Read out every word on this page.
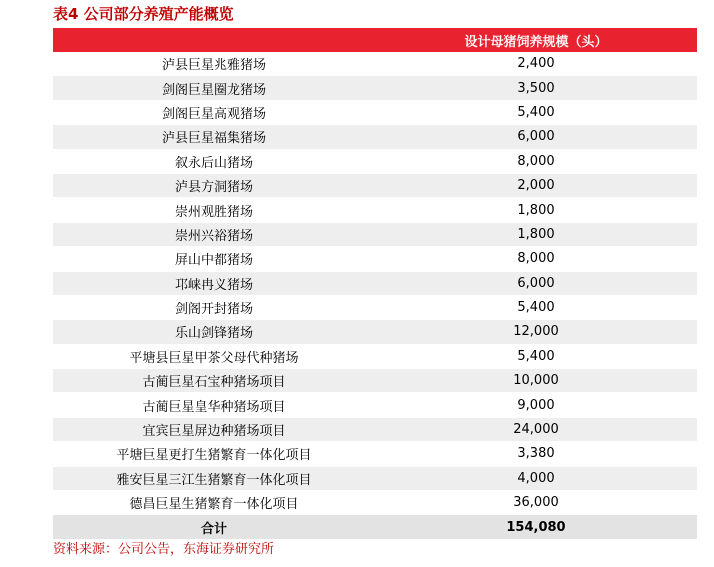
表4 公司部分养殖产能概览
设计母猪饲养规模（头）
泸县巨星兆雅猪场	2,400
剑阁巨星圈龙猪场	3,500
剑阁巨星高观猪场	5,400
泸县巨星福集猪场	6,000
叙永后山猪场	8,000
泸县方洞猪场	2,000
崇州观胜猪场	1,800
崇州兴裕猪场	1,800
屏山中都猪场	8,000
邛崃冉义猪场	6,000
剑阁开封猪场	5,400
乐山剑锋猪场	12,000
平塘县巨星甲茶父母代种猪场	5,400
古蔺巨星石宝种猪场项目	10,000
古蔺巨星皇华种猪场项目	9,000
宜宾巨星屏边种猪场项目	24,000
平塘巨星更打生猪繁育一体化项目	3,380
雅安巨星三江生猪繁育一体化项目	4,000
德昌巨星生猪繁育一体化项目	36,000
合计	154,080
资料来源：公司公告，东海证券研究所
